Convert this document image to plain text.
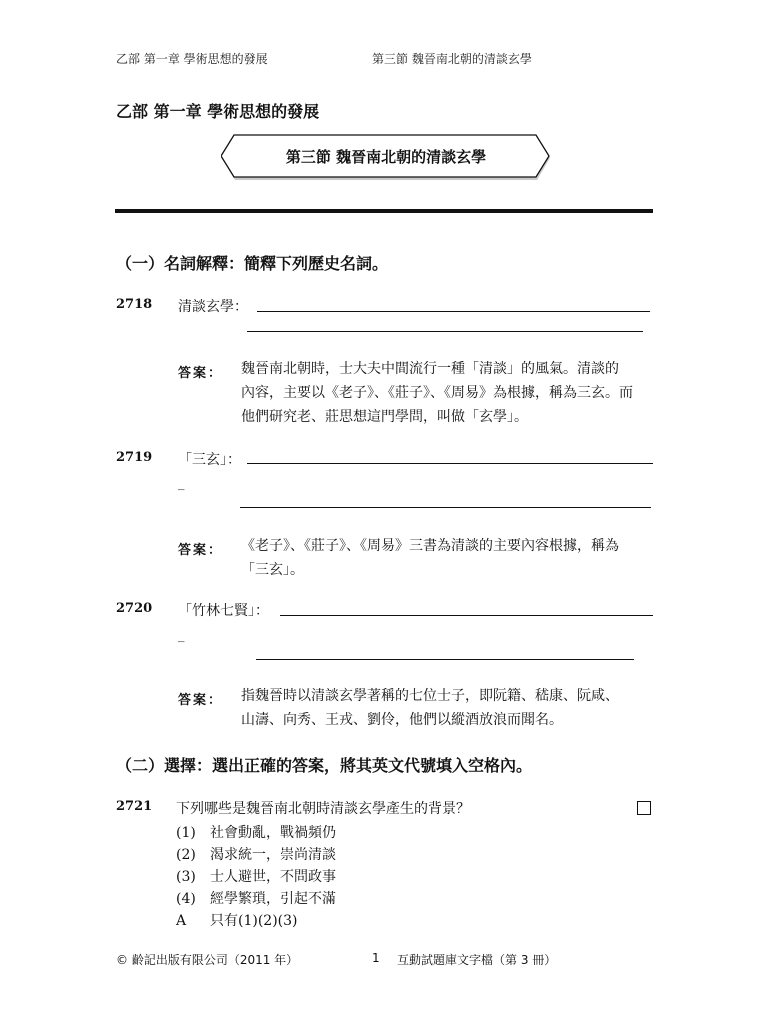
乙部 第一章 學術思想的發展	第三節 魏晉南北朝的清談玄學
乙部 第一章 學術思想的發展
第三節 魏晉南北朝的清談玄學
（一）名詞解釋：簡釋下列歷史名詞。
2718 清談玄學：
答案： 魏晉南北朝時，士大夫中間流行一種「清談」的風氣。清談的
內容，主要以《老子》、《莊子》、《周易》為根據，稱為三玄。而
他們研究老、莊思想這門學問，叫做「玄學」。
2719 「三玄」：
_
答案： 《老子》、《莊子》、《周易》三書為清談的主要內容根據，稱為
「三玄」。
2720 「竹林七賢」：
_
答案： 指魏晉時以清談玄學著稱的七位士子，即阮籍、嵇康、阮咸、
山濤、向秀、王戎、劉伶，他們以縱酒放浪而聞名。
（二）選擇：選出正確的答案，將其英文代號填入空格內。
2721 下列哪些是魏晉南北朝時清談玄學產生的背景？
(1) 社會動亂，戰禍頻仍
(2) 渴求統一，崇尚清談
(3) 士人避世，不問政事
(4) 經學繁瑣，引起不滿
A 只有(1)(2)(3)
© 齡記出版有限公司（2011 年）	1 互動試題庫文字檔（第 3 冊）
